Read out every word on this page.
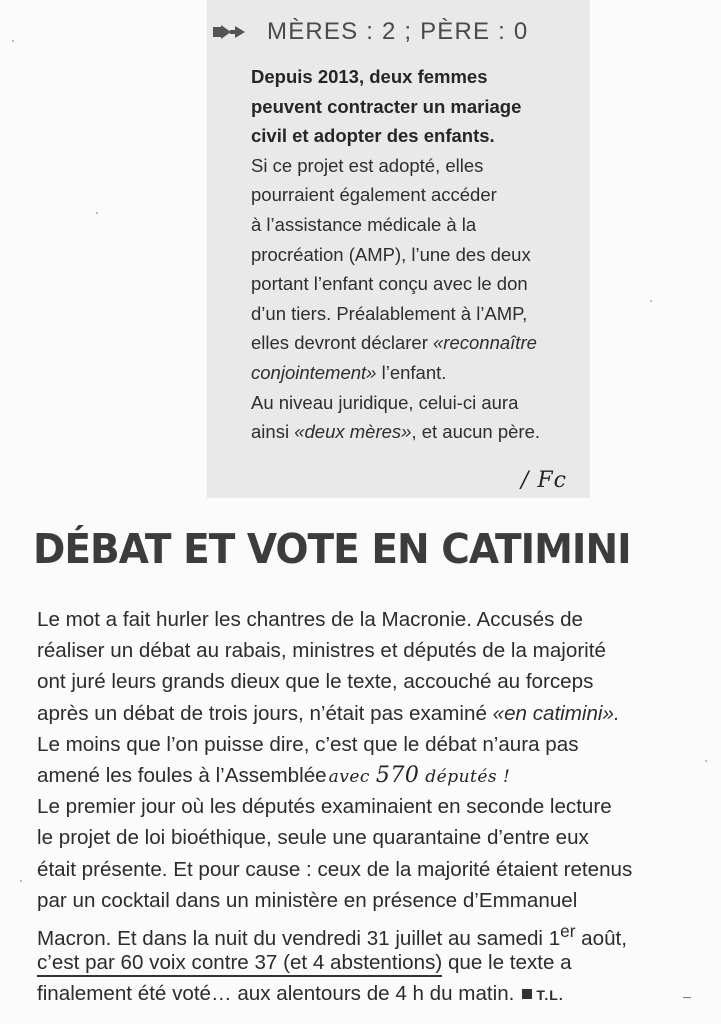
MÈRES : 2 ; PÈRE : 0

Depuis 2013, deux femmes

peuvent contracter un mariage

civil et adopter des enfants.

Si ce projet est adopté, elles

pourraient également accéder

à l’assistance médicale à la

procréation (AMP), l’une des deux

portant l’enfant conçu avec le don

d’un tiers. Préalablement à l’AMP,

elles devront déclarer «reconnaître

conjointement» l’enfant.

Au niveau juridique, celui-ci aura

ainsi «deux mères», et aucun père.

/ Fc
DÉBAT ET VOTE EN CATIMINI
Le mot a fait hurler les chantres de la Macronie. Accusés de
réaliser un débat au rabais, ministres et députés de la majorité
ont juré leurs grands dieux que le texte, accouché au forceps
après un débat de trois jours, n’était pas examiné «en catimini».
Le moins que l’on puisse dire, c’est que le débat n’aura pas
amené les foules à l’Assemblée avec 570 députés !
Le premier jour où les députés examinaient en seconde lecture
le projet de loi bioéthique, seule une quarantaine d’entre eux
était présente. Et pour cause : ceux de la majorité étaient retenus
par un cocktail dans un ministère en présence d’Emmanuel
Macron. Et dans la nuit du vendredi 31 juillet au samedi 1er août,
c’est par 60 voix contre 37 (et 4 abstentions) que le texte a
finalement été voté… aux alentours de 4 h du matin. T.L.
